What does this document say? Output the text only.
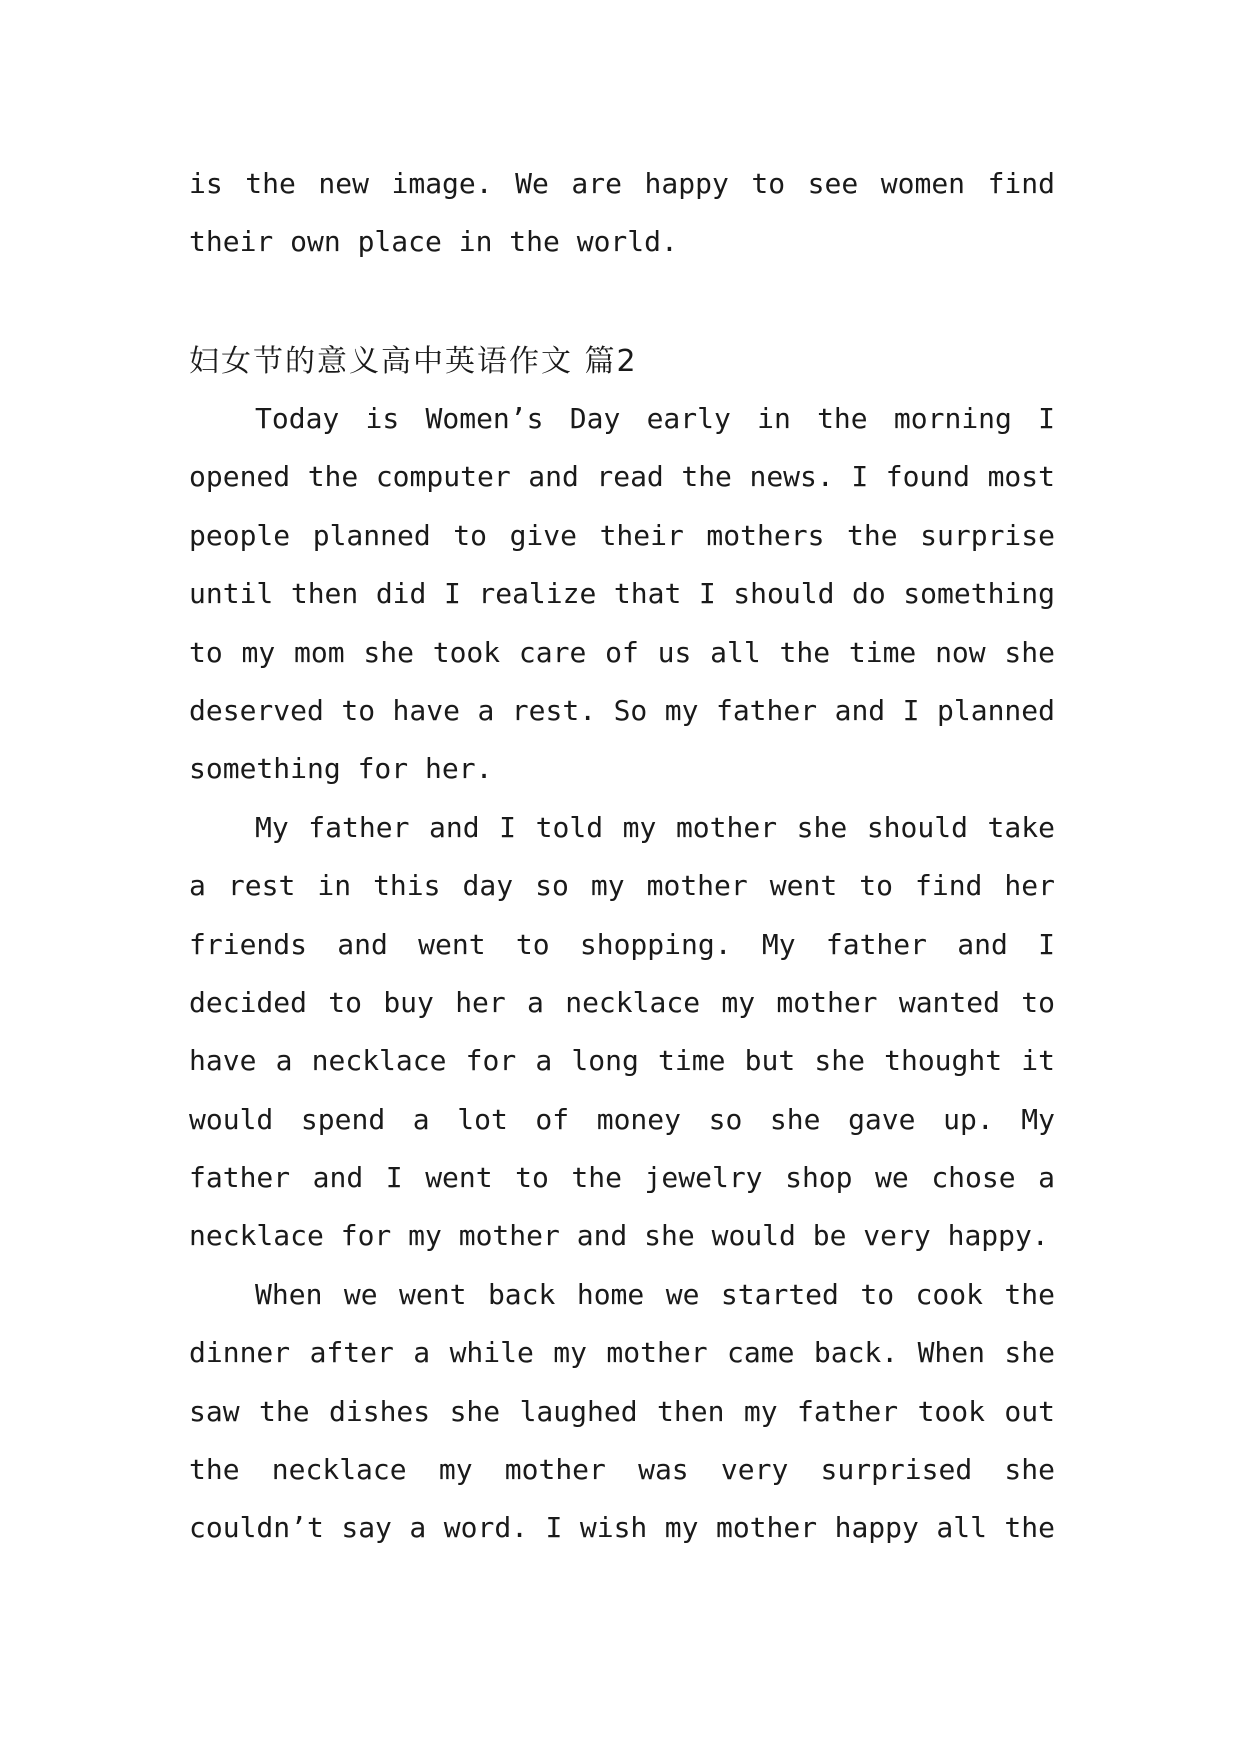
is the new image. We are happy to see women find
their own place in the world.
妇女节的意义高中英语作文 篇2
Today is Women’s Day early in the morning I
opened the computer and read the news. I found most
people planned to give their mothers the surprise
until then did I realize that I should do something
to my mom she took care of us all the time now she
deserved to have a rest. So my father and I planned
something for her.
My father and I told my mother she should take
a rest in this day so my mother went to find her
friends and went to shopping. My father and I
decided to buy her a necklace my mother wanted to
have a necklace for a long time but she thought it
would spend a lot of money so she gave up. My
father and I went to the jewelry shop we chose a
necklace for my mother and she would be very happy.
When we went back home we started to cook the
dinner after a while my mother came back. When she
saw the dishes she laughed then my father took out
the necklace my mother was very surprised she
couldn’t say a word. I wish my mother happy all the
